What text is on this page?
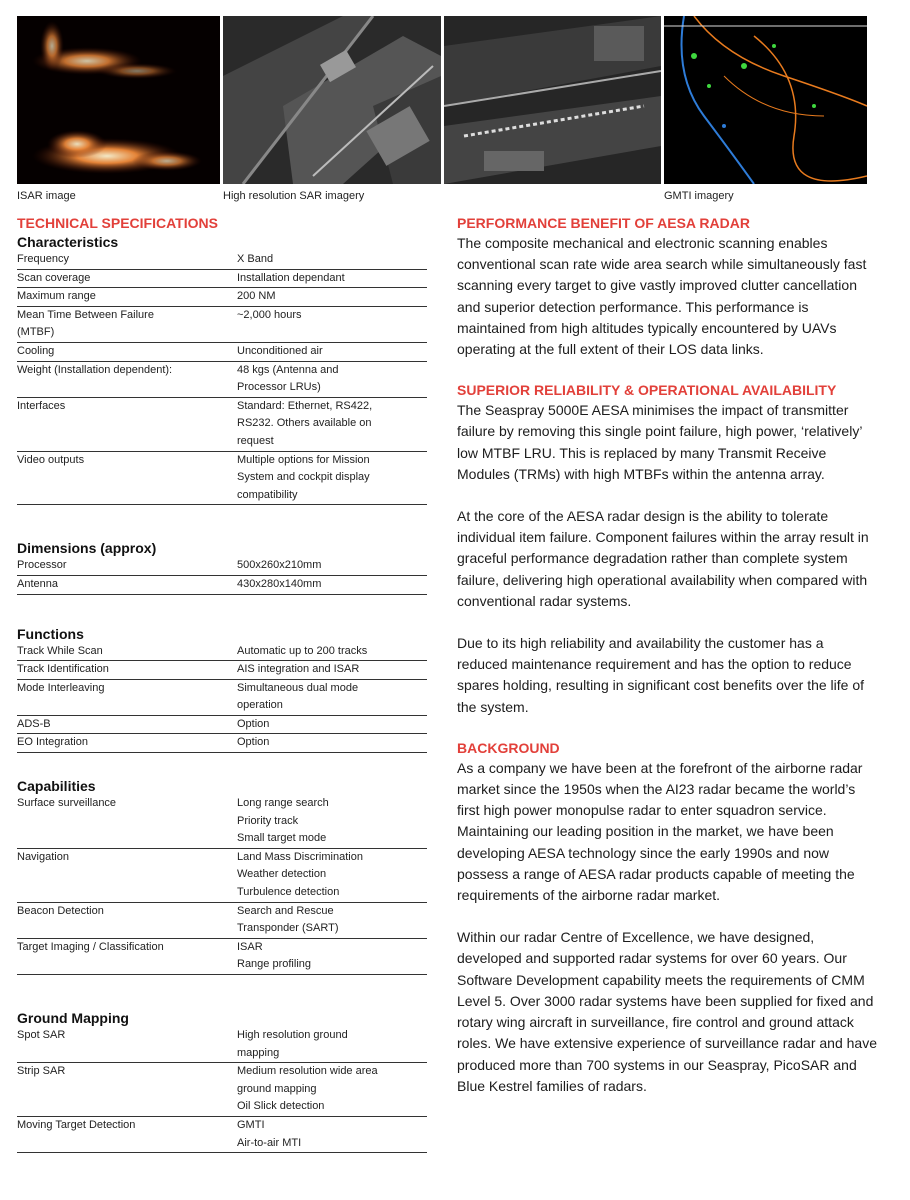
ISAR image	High resolution SAR imagery	GMTI imagery
TECHNICAL SPECIFICATIONS
Characteristics
Frequency	X Band
Scan coverage	Installation dependant
Maximum range	200 NM
Mean Time Between Failure (MTBF)	~2,000 hours
Cooling	Unconditioned air
Weight (Installation dependent):	48 kgs (Antenna and Processor LRUs)
Interfaces	Standard: Ethernet, RS422, RS232. Others available on request
Video outputs	Multiple options for Mission System and cockpit display compatibility
Dimensions (approx)
Processor	500x260x210mm
Antenna	430x280x140mm
Functions
Track While Scan	Automatic up to 200 tracks
Track Identification	AIS integration and ISAR
Mode Interleaving	Simultaneous dual mode operation
ADS-B	Option
EO Integration	Option
Capabilities
Surface surveillance	Long range search
Priority track
Small target mode
Navigation	Land Mass Discrimination
Weather detection
Turbulence detection
Beacon Detection	Search and Rescue Transponder (SART)
Target Imaging / Classification	ISAR
Range profiling
Ground Mapping
Spot SAR	High resolution ground mapping
Strip SAR	Medium resolution wide area ground mapping
Oil Slick detection
Moving Target Detection	GMTI
Air-to-air MTI
PERFORMANCE BENEFIT OF AESA RADAR

The composite mechanical and electronic scanning enables conventional scan rate wide area search while simultaneously fast scanning every target to give vastly improved clutter cancellation and superior detection performance. This performance is maintained from high altitudes typically encountered by UAVs operating at the full extent of their LOS data links.

SUPERIOR RELIABILITY & OPERATIONAL AVAILABILITY

The Seaspray 5000E AESA minimises the impact of transmitter failure by removing this single point failure, high power, ‘relatively’ low MTBF LRU. This is replaced by many Transmit Receive Modules (TRMs) with high MTBFs within the antenna array.

At the core of the AESA radar design is the ability to tolerate individual item failure. Component failures within the array result in graceful performance degradation rather than complete system failure, delivering high operational availability when compared with conventional radar systems.

Due to its high reliability and availability the customer has a reduced maintenance requirement and has the option to reduce spares holding, resulting in significant cost benefits over the life of the system.

BACKGROUND

As a company we have been at the forefront of the airborne radar market since the 1950s when the AI23 radar became the world’s first high power monopulse radar to enter squadron service. Maintaining our leading position in the market, we have been developing AESA technology since the early 1990s and now possess a range of AESA radar products capable of meeting the requirements of the airborne radar market.

Within our radar Centre of Excellence, we have designed, developed and supported radar systems for over 60 years. Our Software Development capability meets the requirements of CMM Level 5. Over 3000 radar systems have been supplied for fixed and rotary wing aircraft in surveillance, fire control and ground attack roles. We have extensive experience of surveillance radar and have produced more than 700 systems in our Seaspray, PicoSAR and Blue Kestrel families of radars.
